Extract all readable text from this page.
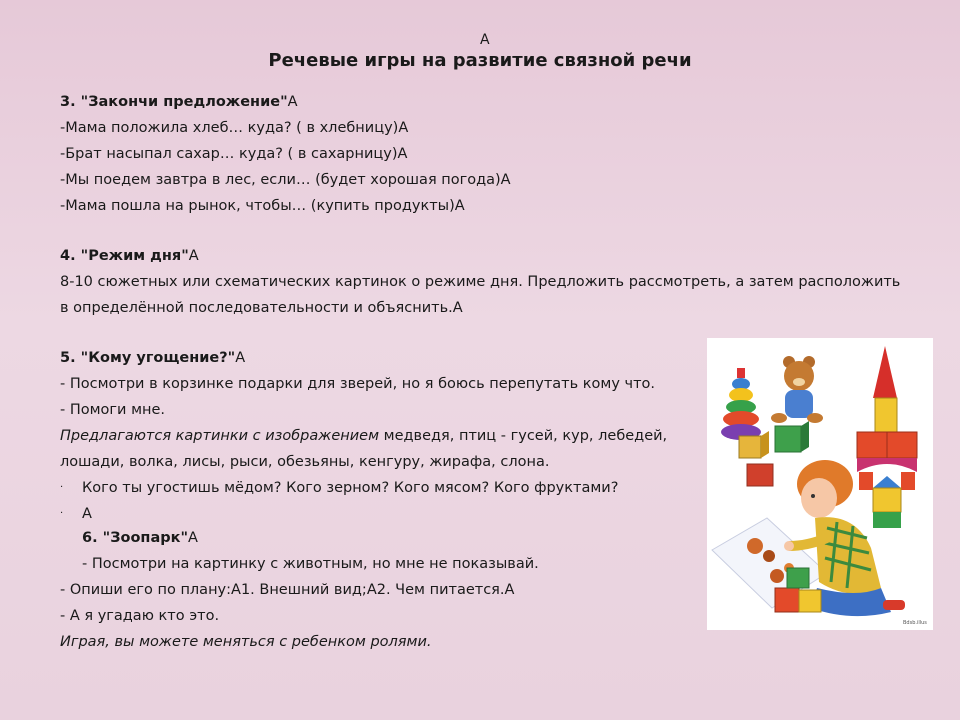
A
Речевые игры на развитие связной речи
3. "Закончи предложение"A
-Мама положила хлеб… куда? ( в хлебницу)A
-Брат насыпал сахар… куда? ( в сахарницу)A
-Мы поедем завтра в лес, если… (будет хорошая погода)A
-Мама пошла на рынок, чтобы… (купить продукты)A
4. "Режим дня"A
8-10 сюжетных или схематических картинок о режиме дня. Предложить рассмотреть, а затем расположить
в определённой последовательности и объяснить.A
5. "Кому угощение?"A
- Посмотри в корзинке подарки для зверей, но я боюсь перепутать кому что.
- Помоги мне.
Предлагаются картинки с изображением медведя, птиц - гусей, кур, лебедей,
лошади, волка, лисы, рыси, обезьяны, кенгуру, жирафа, слона.
· Кого ты угостишь мёдом? Кого зерном? Кого мясом? Кого фруктами?
· A
6. "Зоопарк"A
- Посмотри на картинку с животным, но мне не показывай.
- Опиши его по плану:A1. Внешний вид;A2. Чем питается.A
- А я угадаю кто это.
Играя, вы можете меняться с ребенком ролями.
Bdsb.illus
